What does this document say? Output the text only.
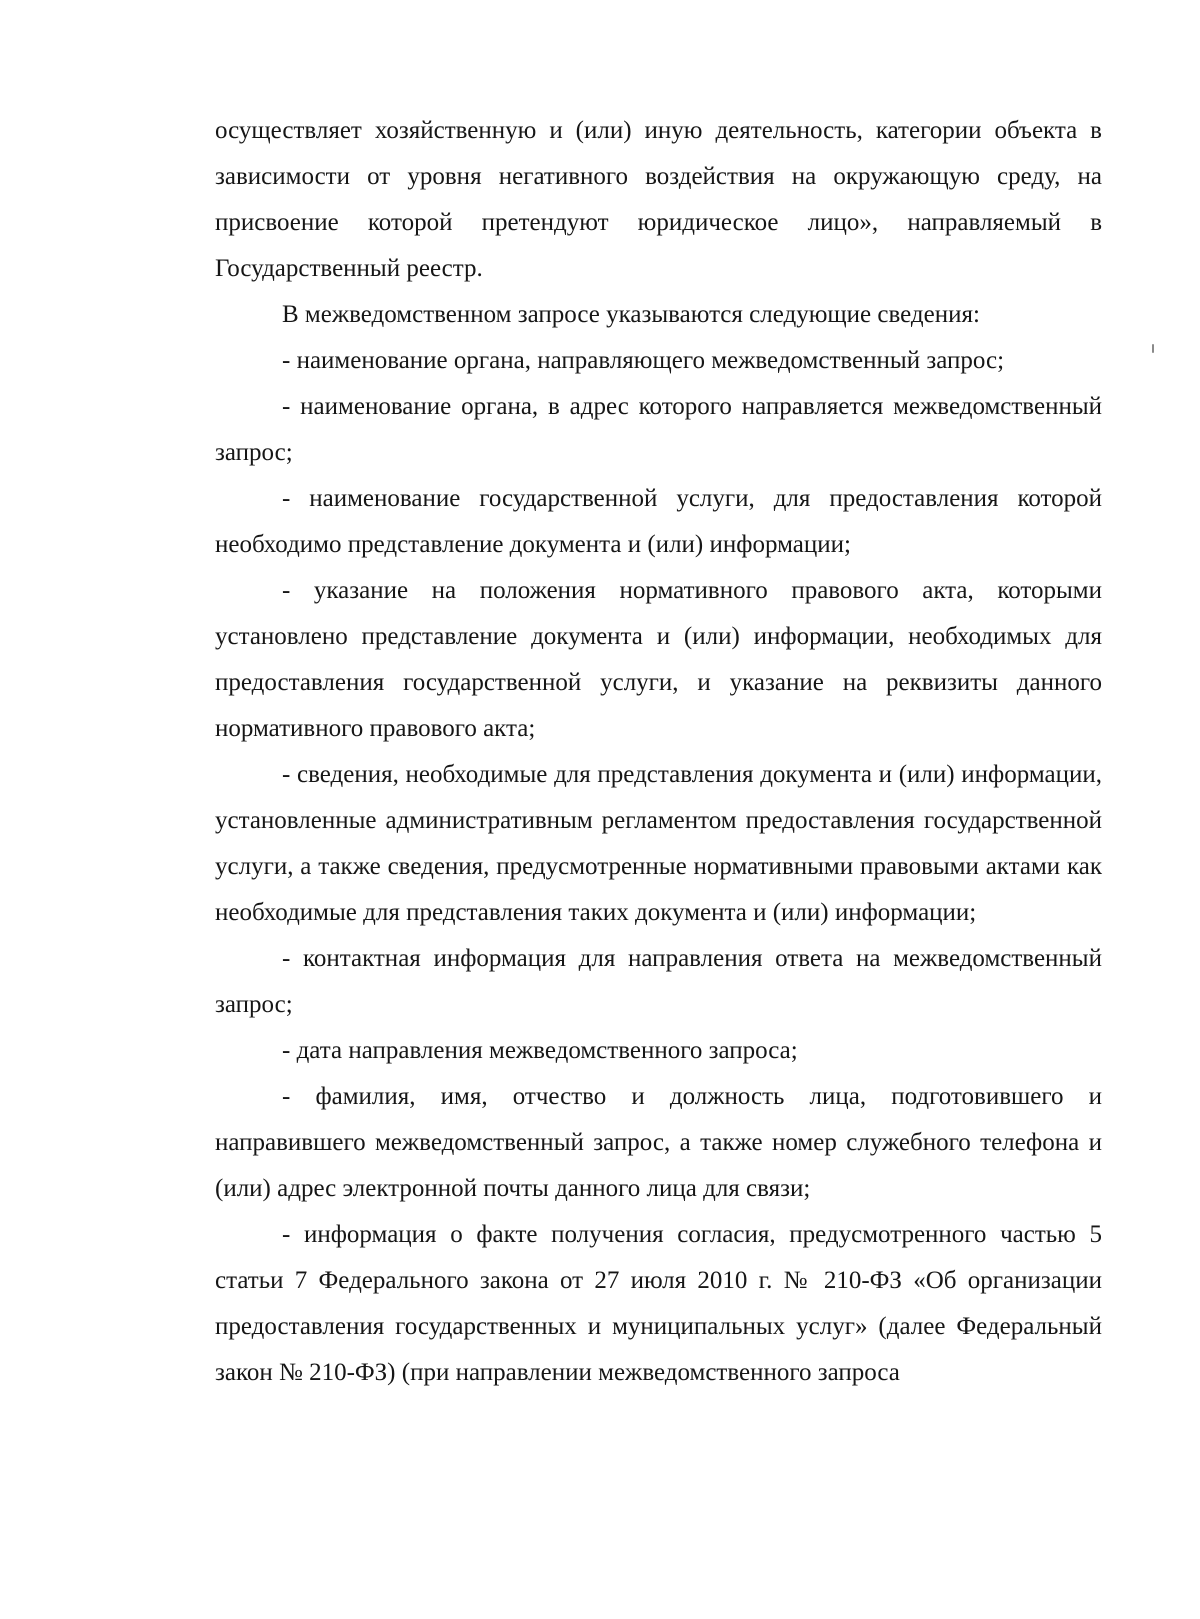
осуществляет хозяйственную и (или) иную деятельность, категории объекта в зависимости от уровня негативного воздействия на окружающую среду, на присвоение которой претендуют юридическое лицо», направляемый в Государственный реестр.

В межведомственном запросе указываются следующие сведения:

- наименование органа, направляющего межведомственный запрос;

- наименование органа, в адрес которого направляется межведомственный запрос;

- наименование государственной услуги, для предоставления которой необходимо представление документа и (или) информации;

- указание на положения нормативного правового акта, которыми установлено представление документа и (или) информации, необходимых для предоставления государственной услуги, и указание на реквизиты данного нормативного правового акта;

- сведения, необходимые для представления документа и (или) информации, установленные административным регламентом предоставления государственной услуги, а также сведения, предусмотренные нормативными правовыми актами как необходимые для представления таких документа и (или) информации;

- контактная информация для направления ответа на межведомственный запрос;

- дата направления межведомственного запроса;

- фамилия, имя, отчество и должность лица, подготовившего и направившего межведомственный запрос, а также номер служебного телефона и (или) адрес электронной почты данного лица для связи;

- информация о факте получения согласия, предусмотренного частью 5 статьи 7 Федерального закона от 27 июля 2010 г. № 210-ФЗ «Об организации предоставления государственных и муниципальных услуг» (далее Федеральный закон № 210-ФЗ) (при направлении межведомственного запроса
